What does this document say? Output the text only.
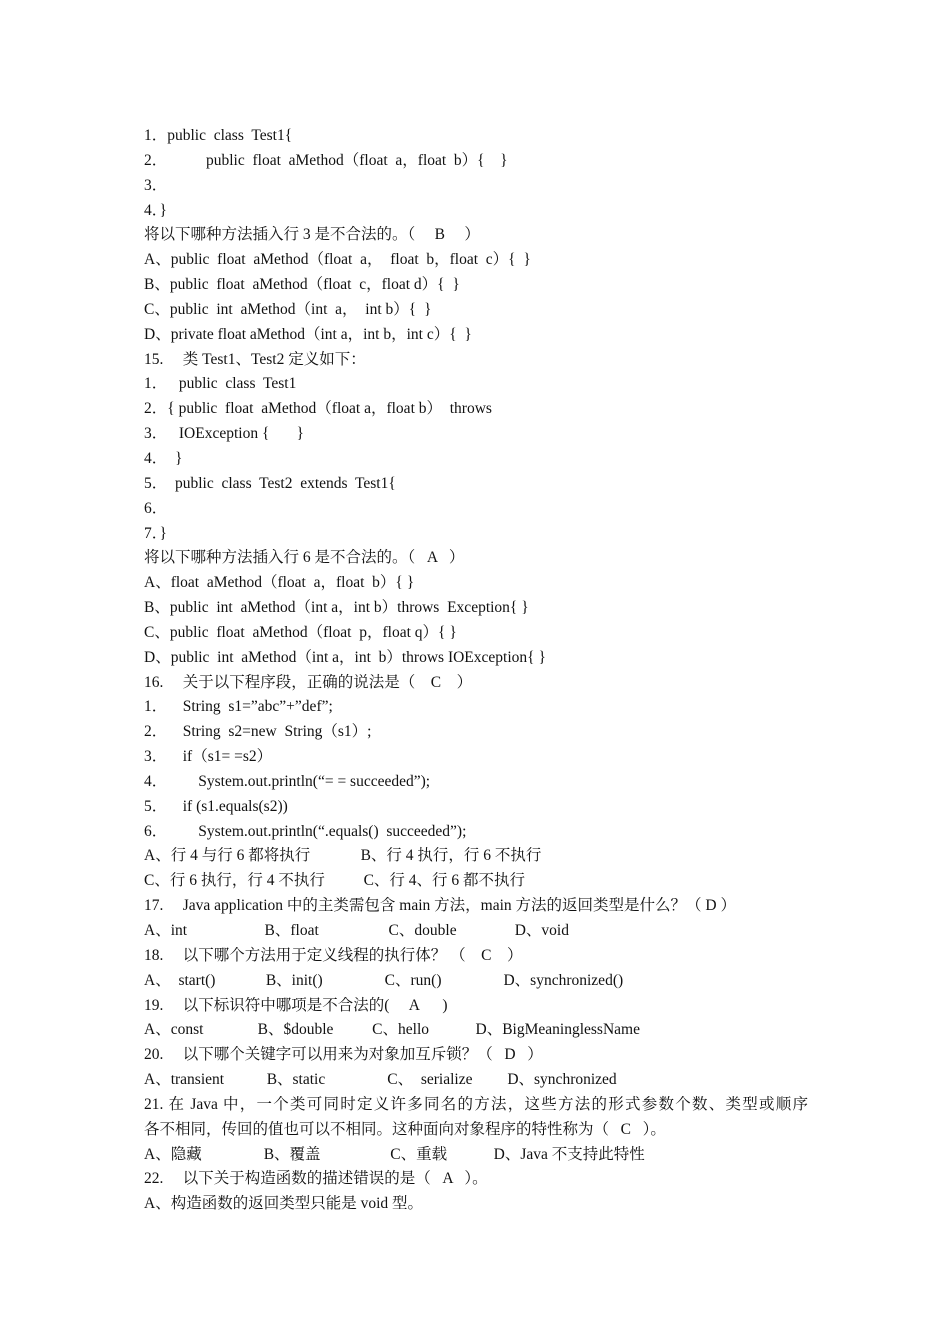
1．public  class  Test1{
2．          public  float  aMethod（float  a，float  b）{    }
3．
4．}
将以下哪种方法插入行 3 是不合法的。（     B     ）
A、public  float  aMethod（float  a，  float  b，float  c）{  }
B、public  float  aMethod（float  c，float d）{  }
C、public  int  aMethod（int  a，  int b）{  }
D、private float aMethod（int a，int b，int c）{  }
15.     类 Test1、Test2 定义如下：
1．   public  class  Test1
2．{ public  float  aMethod（float a，float b）  throws
3．   IOException {       }
4．  }
5．  public  class  Test2  extends  Test1{
6．
7．}
将以下哪种方法插入行 6 是不合法的。（   A   ）
A、float  aMethod（float  a，float  b）{ }
B、public  int  aMethod（int a，int b）throws  Exception{ }
C、public  float  aMethod（float  p，float q）{ }
D、public  int  aMethod（int a，int  b）throws IOException{ }
16.     关于以下程序段，正确的说法是（    C    ）
1．    String  s1=”abc”+”def”;
2．    String  s2=new  String（s1）;
3．    if（s1= =s2）
4．        System.out.println(“= = succeeded”);
5．    if (s1.equals(s2))
6．        System.out.println(“.equals()  succeeded”);
A、行 4 与行 6 都将执行             B、行 4 执行，行 6 不执行
C、行 6 执行，行 4 不执行          C、行 4、行 6 都不执行
17.     Java application 中的主类需包含 main 方法，main 方法的返回类型是什么？（ D ）
A、int                    B、float                  C、double               D、void
18.     以下哪个方法用于定义线程的执行体？ （    C    ）
A、  start()             B、init()                C、run()                D、synchronized()
19.     以下标识符中哪项是不合法的(     A      )
A、const              B、$double          C、hello            D、BigMeaninglessName
20.     以下哪个关键字可以用来为对象加互斥锁？（   D   ）
A、transient           B、static                C、  serialize         D、synchronized
21. 在 Java 中，一个类可同时定义许多同名的方法，这些方法的形式参数个数、类型或顺序
各不相同，传回的值也可以不相同。这种面向对象程序的特性称为（   C   ）。
A、隐藏                B、覆盖                  C、重载            D、Java 不支持此特性
22.     以下关于构造函数的描述错误的是（   A   ）。
A、构造函数的返回类型只能是 void 型。
